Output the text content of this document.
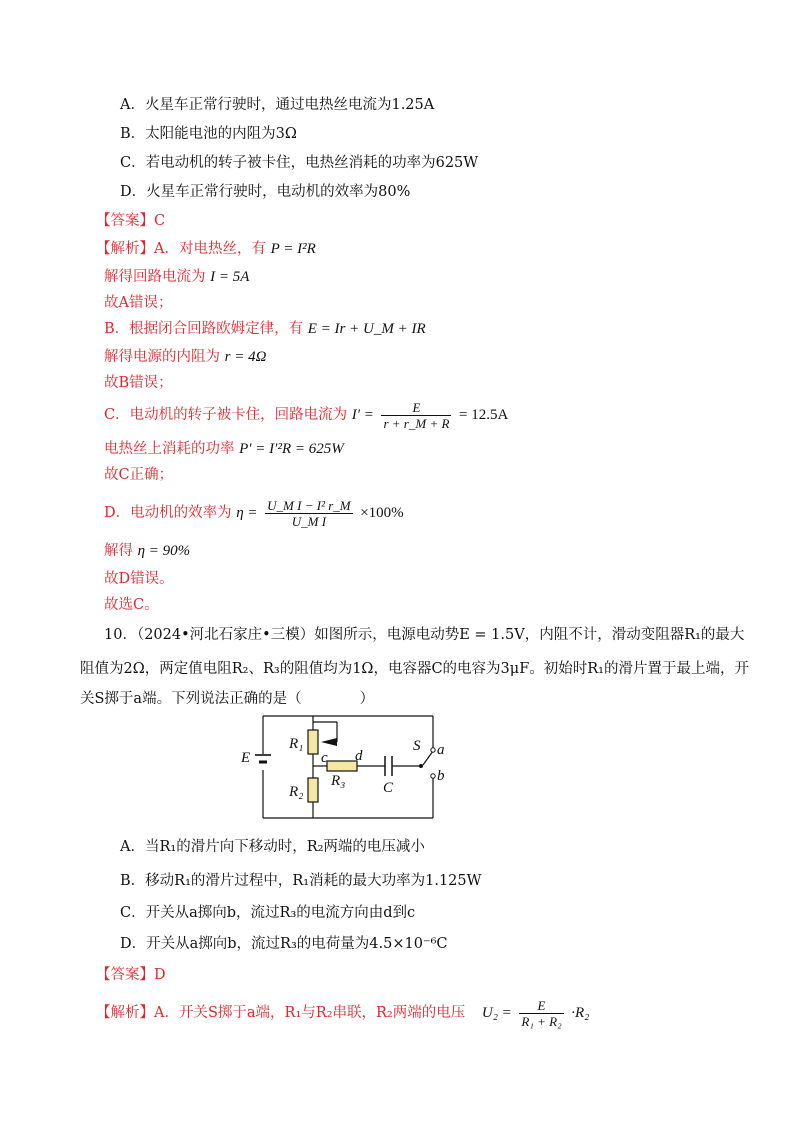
A．火星车正常行驶时，通过电热丝电流为1.25A
B．太阳能电池的内阻为3Ω
C．若电动机的转子被卡住，电热丝消耗的功率为625W
D．火星车正常行驶时，电动机的效率为80%
【答案】C
【解析】A．对电热丝，有 P = I²R
解得回路电流为 I = 5A
故A错误；
B．根据闭合回路欧姆定律，有 E = Ir + U_M + IR
解得电源的内阻为 r = 4Ω
故B错误；
C．电动机的转子被卡住，回路电流为 $I' = \frac{E}{r + r\_M + R} = 12.5A$
电热丝上消耗的功率 P′ = I′²R = 625W
故C正确；
D．电动机的效率为 $\eta = \frac{\text{U\_M I − I² r\_M}}{\text{U\_M I}} \times 100\%$
解得 η = 90%
故D错误。
故选C。
10．（2024•河北石家庄•三模）如图所示，电源电动势E = 1.5V，内阻不计，滑动变阻器R₁的最大
阻值为2Ω，两定值电阻R₂、R₃的阻值均为1Ω，电容器C的电容为3μF。初始时R₁的滑片置于最上端，开
关S掷于a端。下列说法正确的是（　　　　）
E
R₁
R₂
R₃
c d
C
S a
b
A．当R₁的滑片向下移动时，R₂两端的电压减小
B．移动R₁的滑片过程中，R₁消耗的最大功率为1.125W
C．开关从a掷向b，流过R₃的电流方向由d到c
D．开关从a掷向b，流过R₃的电荷量为4.5×10⁻⁶C
【答案】D
【解析】A．开关S掷于a端，R₁与R₂串联，R₂两端的电压 $U_2 = \frac{E}{\text{R₁ + R₂}} \cdot R_2$
